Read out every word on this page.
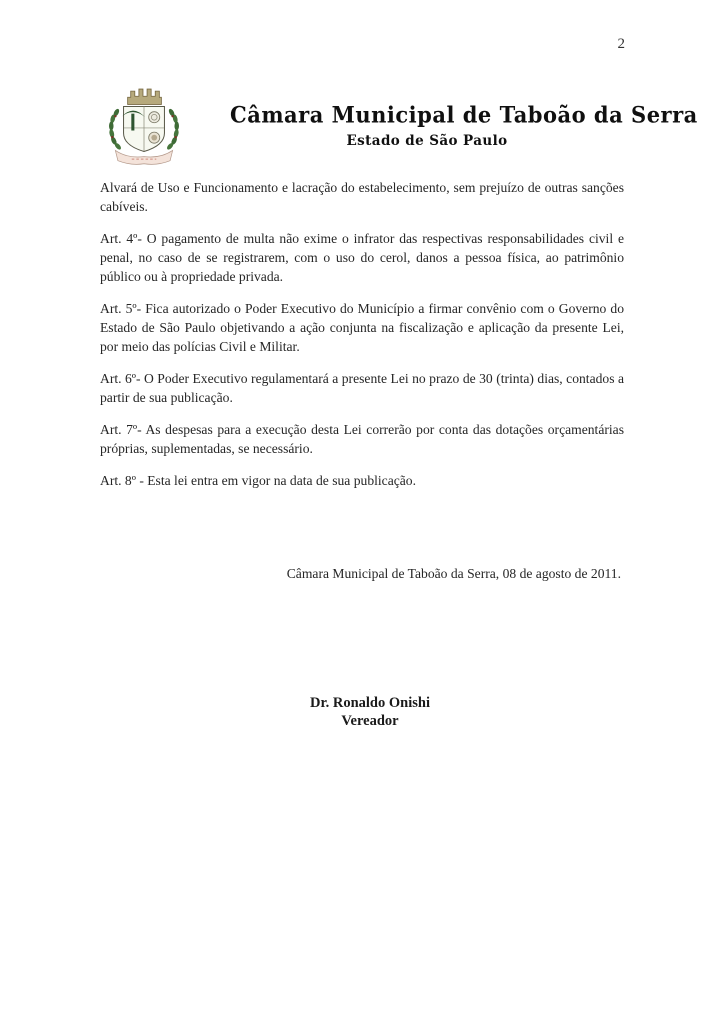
2
Câmara Municipal de Taboão da Serra
Estado de São Paulo

Alvará de Uso e Funcionamento e lacração do estabelecimento, sem prejuízo de outras sanções cabíveis.

Art. 4º- O pagamento de multa não exime o infrator das respectivas responsabilidades civil e penal, no caso de se registrarem, com o uso do cerol, danos a pessoa física, ao patrimônio público ou à propriedade privada.

Art. 5º- Fica autorizado o Poder Executivo do Município a firmar convênio com o Governo do Estado de São Paulo objetivando a ação conjunta na fiscalização e aplicação da presente Lei, por meio das polícias Civil e Militar.

Art. 6º- O Poder Executivo regulamentará a presente Lei no prazo de 30 (trinta) dias, contados a partir de sua publicação.

Art. 7º- As despesas para a execução desta Lei correrão por conta das dotações orçamentárias próprias, suplementadas, se necessário.

Art. 8º - Esta lei entra em vigor na data de sua publicação.

Câmara Municipal de Taboão da Serra, 08 de agosto de 2011.

Dr. Ronaldo Onishi
Vereador
